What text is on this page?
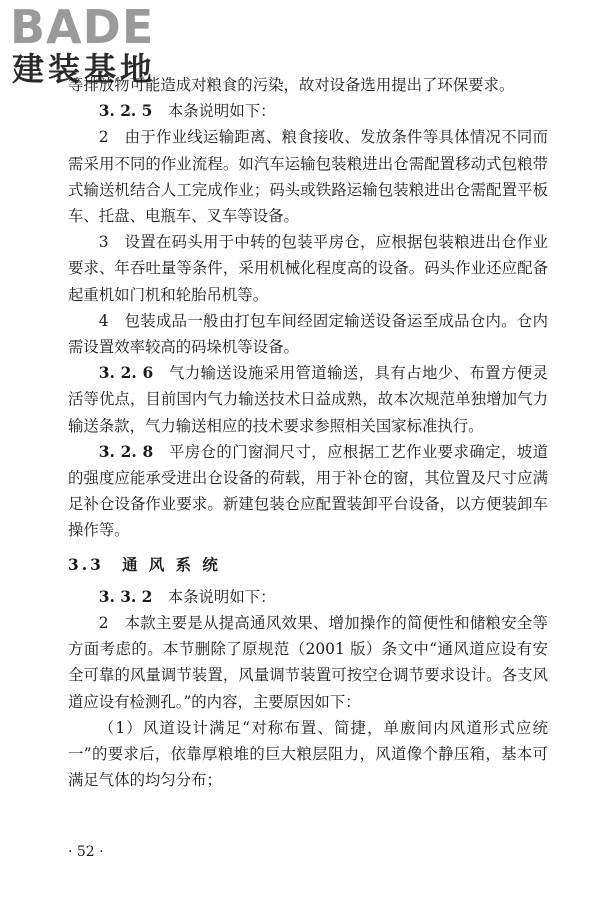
BADE
建装基地

等排放物可能造成对粮食的污染，故对设备选用提出了环保要求。

3. 2. 5 本条说明如下：

2　由于作业线运输距离、粮食接收、发放条件等具体情况不同而需采用不同的作业流程。如汽车运输包装粮进出仓需配置移动式包粮带式输送机结合人工完成作业；码头或铁路运输包装粮进出仓需配置平板车、托盘、电瓶车、叉车等设备。

3　设置在码头用于中转的包装平房仓，应根据包装粮进出仓作业要求、年吞吐量等条件，采用机械化程度高的设备。码头作业还应配备起重机如门机和轮胎吊机等。

4　包装成品一般由打包车间经固定输送设备运至成品仓内。仓内需设置效率较高的码垛机等设备。

3. 2. 6 气力输送设施采用管道输送，具有占地少、布置方便灵活等优点，目前国内气力输送技术日益成熟，故本次规范单独增加气力输送条款，气力输送相应的技术要求参照相关国家标准执行。

3. 2. 8 平房仓的门窗洞尺寸，应根据工艺作业要求确定，坡道的强度应能承受进出仓设备的荷载，用于补仓的窗，其位置及尺寸应满足补仓设备作业要求。新建包装仓应配置装卸平台设备，以方便装卸车操作等。

3.3　通 风 系 统

3. 3. 2 本条说明如下：

2　本款主要是从提高通风效果、增加操作的简便性和储粮安全等方面考虑的。本节删除了原规范（2001 版）条文中“通风道应设有安全可靠的风量调节装置，风量调节装置可按空仓调节要求设计。各支风道应设有检测孔。”的内容，主要原因如下：

（1）风道设计满足“对称布置、简捷，单廒间内风道形式应统一”的要求后，依靠厚粮堆的巨大粮层阻力，风道像个静压箱，基本可满足气体的均匀分布；

· 52 ·
